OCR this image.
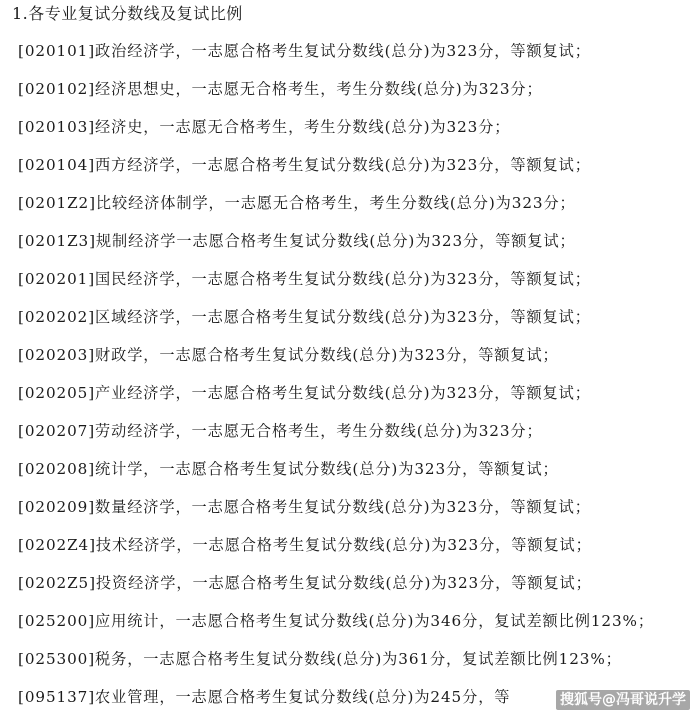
1.各专业复试分数线及复试比例
[020101]政治经济学，一志愿合格考生复试分数线(总分)为323分，等额复试；
[020102]经济思想史，一志愿无合格考生，考生分数线(总分)为323分；
[020103]经济史，一志愿无合格考生，考生分数线(总分)为323分；
[020104]西方经济学，一志愿合格考生复试分数线(总分)为323分，等额复试；
[0201Z2]比较经济体制学，一志愿无合格考生，考生分数线(总分)为323分；
[0201Z3]规制经济学一志愿合格考生复试分数线(总分)为323分，等额复试；
[020201]国民经济学，一志愿合格考生复试分数线(总分)为323分，等额复试；
[020202]区域经济学，一志愿合格考生复试分数线(总分)为323分，等额复试；
[020203]财政学，一志愿合格考生复试分数线(总分)为323分，等额复试；
[020205]产业经济学，一志愿合格考生复试分数线(总分)为323分，等额复试；
[020207]劳动经济学，一志愿无合格考生，考生分数线(总分)为323分；
[020208]统计学，一志愿合格考生复试分数线(总分)为323分，等额复试；
[020209]数量经济学，一志愿合格考生复试分数线(总分)为323分，等额复试；
[0202Z4]技术经济学，一志愿合格考生复试分数线(总分)为323分，等额复试；
[0202Z5]投资经济学，一志愿合格考生复试分数线(总分)为323分，等额复试；
[025200]应用统计，一志愿合格考生复试分数线(总分)为346分，复试差额比例123%；
[025300]税务，一志愿合格考生复试分数线(总分)为361分，复试差额比例123%；
[095137]农业管理，一志愿合格考生复试分数线(总分)为245分，等	搜狐号@冯哥说升学
